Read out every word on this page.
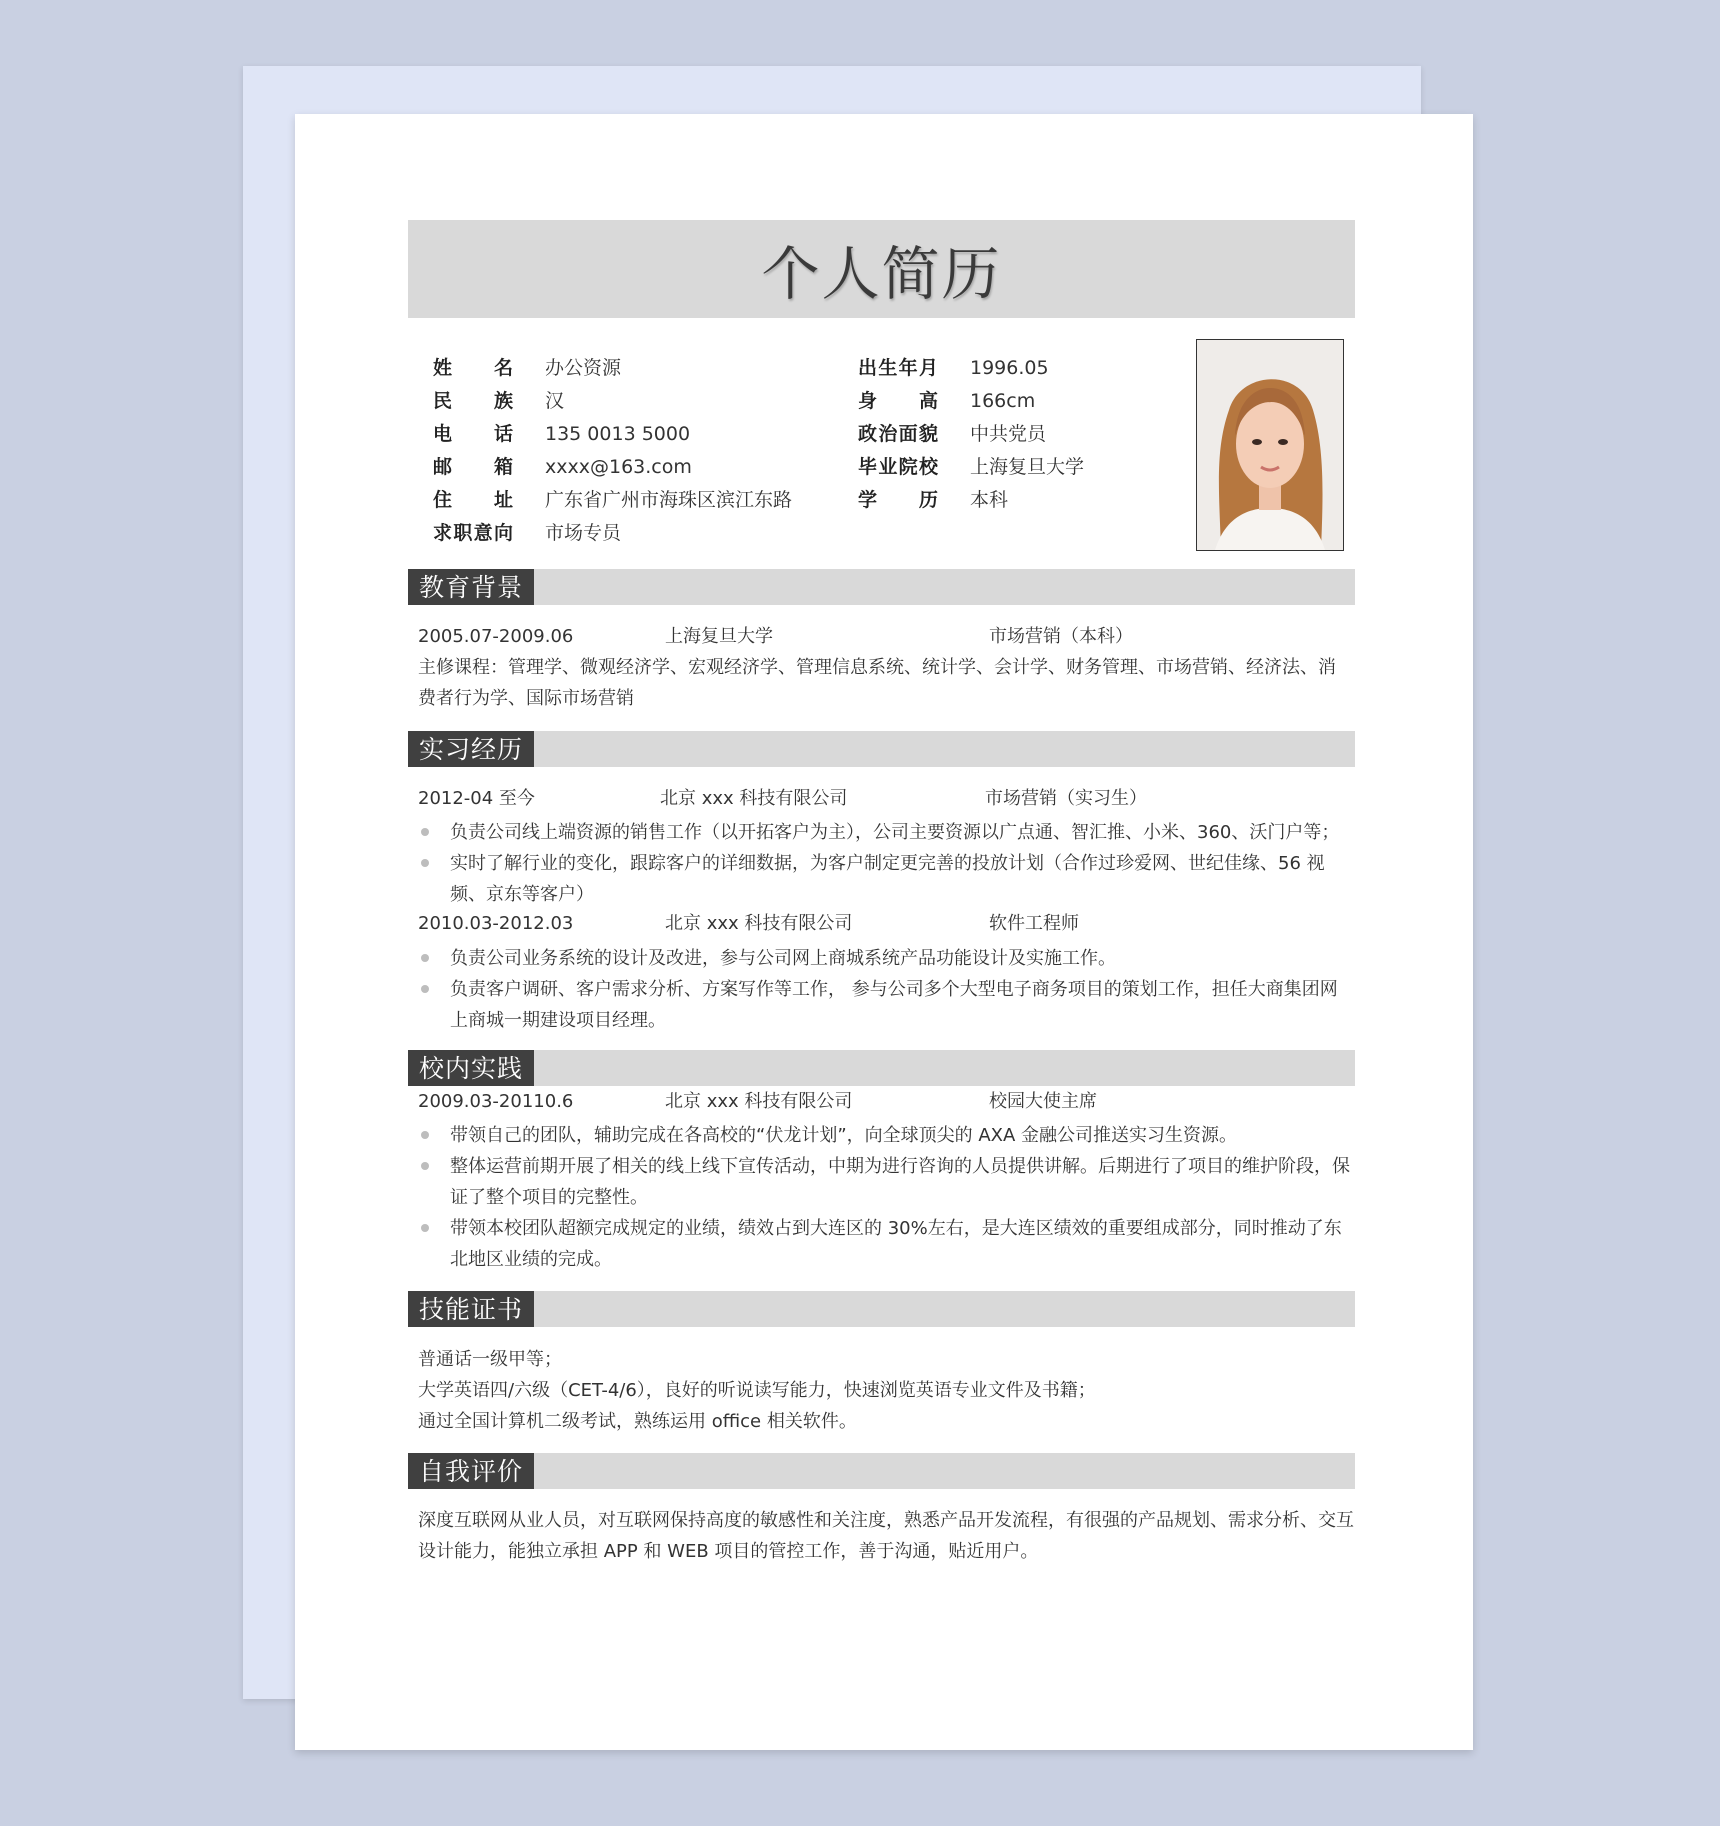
个人简历
姓名 办公资源
民族 汉
电话 135 0013 5000
邮箱 xxxx@163.com
住址 广东省广州市海珠区滨江东路
求职意向 市场专员
出生年月 1996.05
身高 166cm
政治面貌 中共党员
毕业院校 上海复旦大学
学历 本科
教育背景
2005.07-2009.06	上海复旦大学	市场营销（本科）
主修课程：管理学、微观经济学、宏观经济学、管理信息系统、统计学、会计学、财务管理、市场营销、经济法、消
费者行为学、国际市场营销
实习经历
2012-04 至今	北京 xxx 科技有限公司	市场营销（实习生）
负责公司线上端资源的销售工作（以开拓客户为主），公司主要资源以广点通、智汇推、小米、360、沃门户等；
实时了解行业的变化，跟踪客户的详细数据，为客户制定更完善的投放计划（合作过珍爱网、世纪佳缘、56 视频、京东等客户）
2010.03-2012.03	北京 xxx 科技有限公司	软件工程师
负责公司业务系统的设计及改进，参与公司网上商城系统产品功能设计及实施工作。
负责客户调研、客户需求分析、方案写作等工作， 参与公司多个大型电子商务项目的策划工作，担任大商集团网上商城一期建设项目经理。
校内实践
2009.03-20110.6	北京 xxx 科技有限公司	校园大使主席
带领自己的团队，辅助完成在各高校的“伏龙计划”，向全球顶尖的 AXA 金融公司推送实习生资源。
整体运营前期开展了相关的线上线下宣传活动，中期为进行咨询的人员提供讲解。后期进行了项目的维护阶段，保证了整个项目的完整性。
带领本校团队超额完成规定的业绩，绩效占到大连区的 30%左右，是大连区绩效的重要组成部分，同时推动了东北地区业绩的完成。
技能证书
普通话一级甲等；
大学英语四/六级（CET-4/6），良好的听说读写能力，快速浏览英语专业文件及书籍；
通过全国计算机二级考试，熟练运用 office 相关软件。
自我评价
深度互联网从业人员，对互联网保持高度的敏感性和关注度，熟悉产品开发流程，有很强的产品规划、需求分析、交互设计能力，能独立承担 APP 和 WEB 项目的管控工作，善于沟通，贴近用户。
